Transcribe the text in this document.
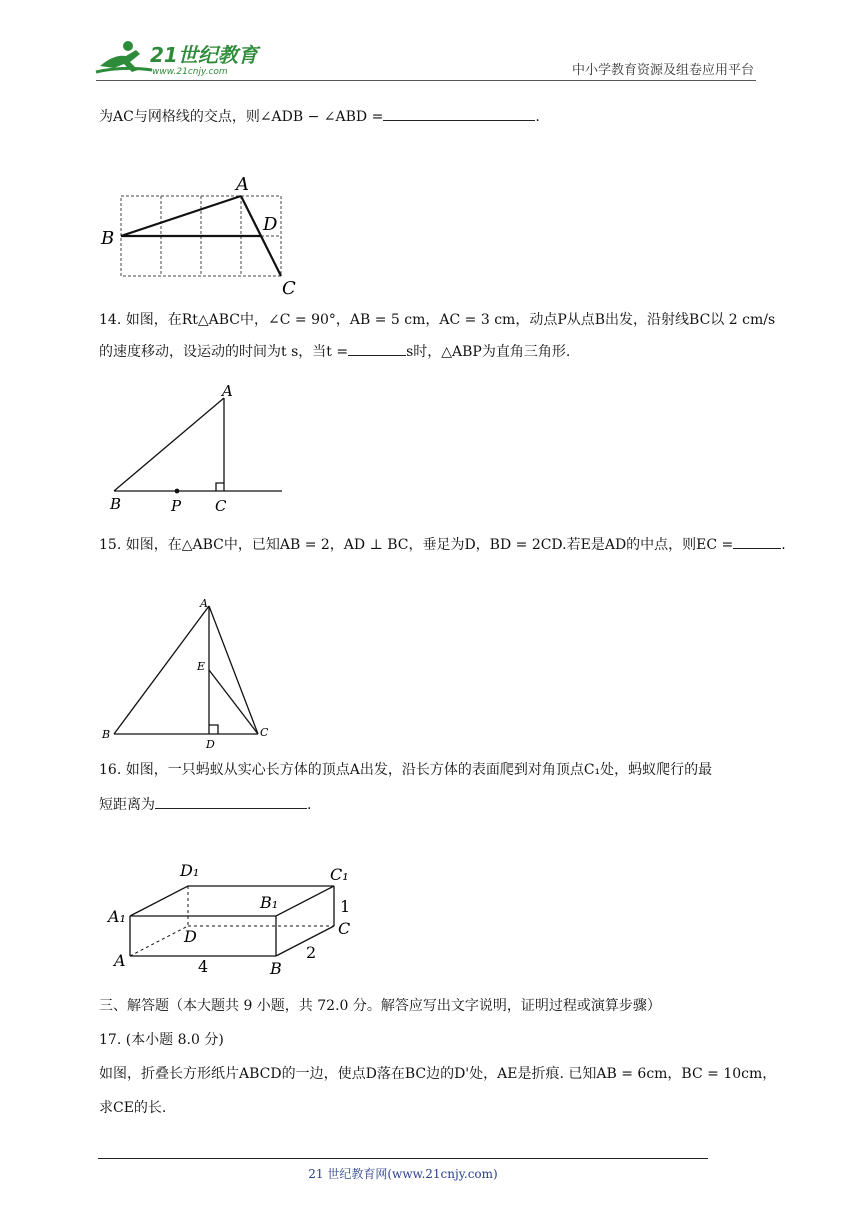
21世纪教育
www.21cnjy.com	中小学教育资源及组卷应用平台
为AC与网格线的交点，则∠ADB − ∠ABD =	.
A
B
C
D
14. 如图，在Rt△ABC中，∠C = 90°，AB = 5 cm，AC = 3 cm，动点P从点B出发，沿射线BC以 2 cm/s
的速度移动，设运动的时间为t s，当t =	s时，△ABP为直角三角形.
A
B	P C
15. 如图，在△ABC中，已知AB = 2，AD ⊥ BC，垂足为D，BD = 2CD.若E是AD的中点，则EC =	.
A
E
B
D
C
16. 如图，一只蚂蚁从实心长方体的顶点A出发，沿长方体的表面爬到对角顶点C₁处，蚂蚁爬行的最
短距离为	.
D₁	C₁
A₁
B₁
D	C
A	B
4
2
1
三、解答题（本大题共 9 小题，共 72.0 分。解答应写出文字说明，证明过程或演算步骤）
17. (本小题 8.0 分)
如图，折叠长方形纸片ABCD的一边，使点D落在BC边的D'处，AE是折痕. 已知AB = 6cm，BC = 10cm，
求CE的长.
21 世纪教育网(www.21cnjy.com)
